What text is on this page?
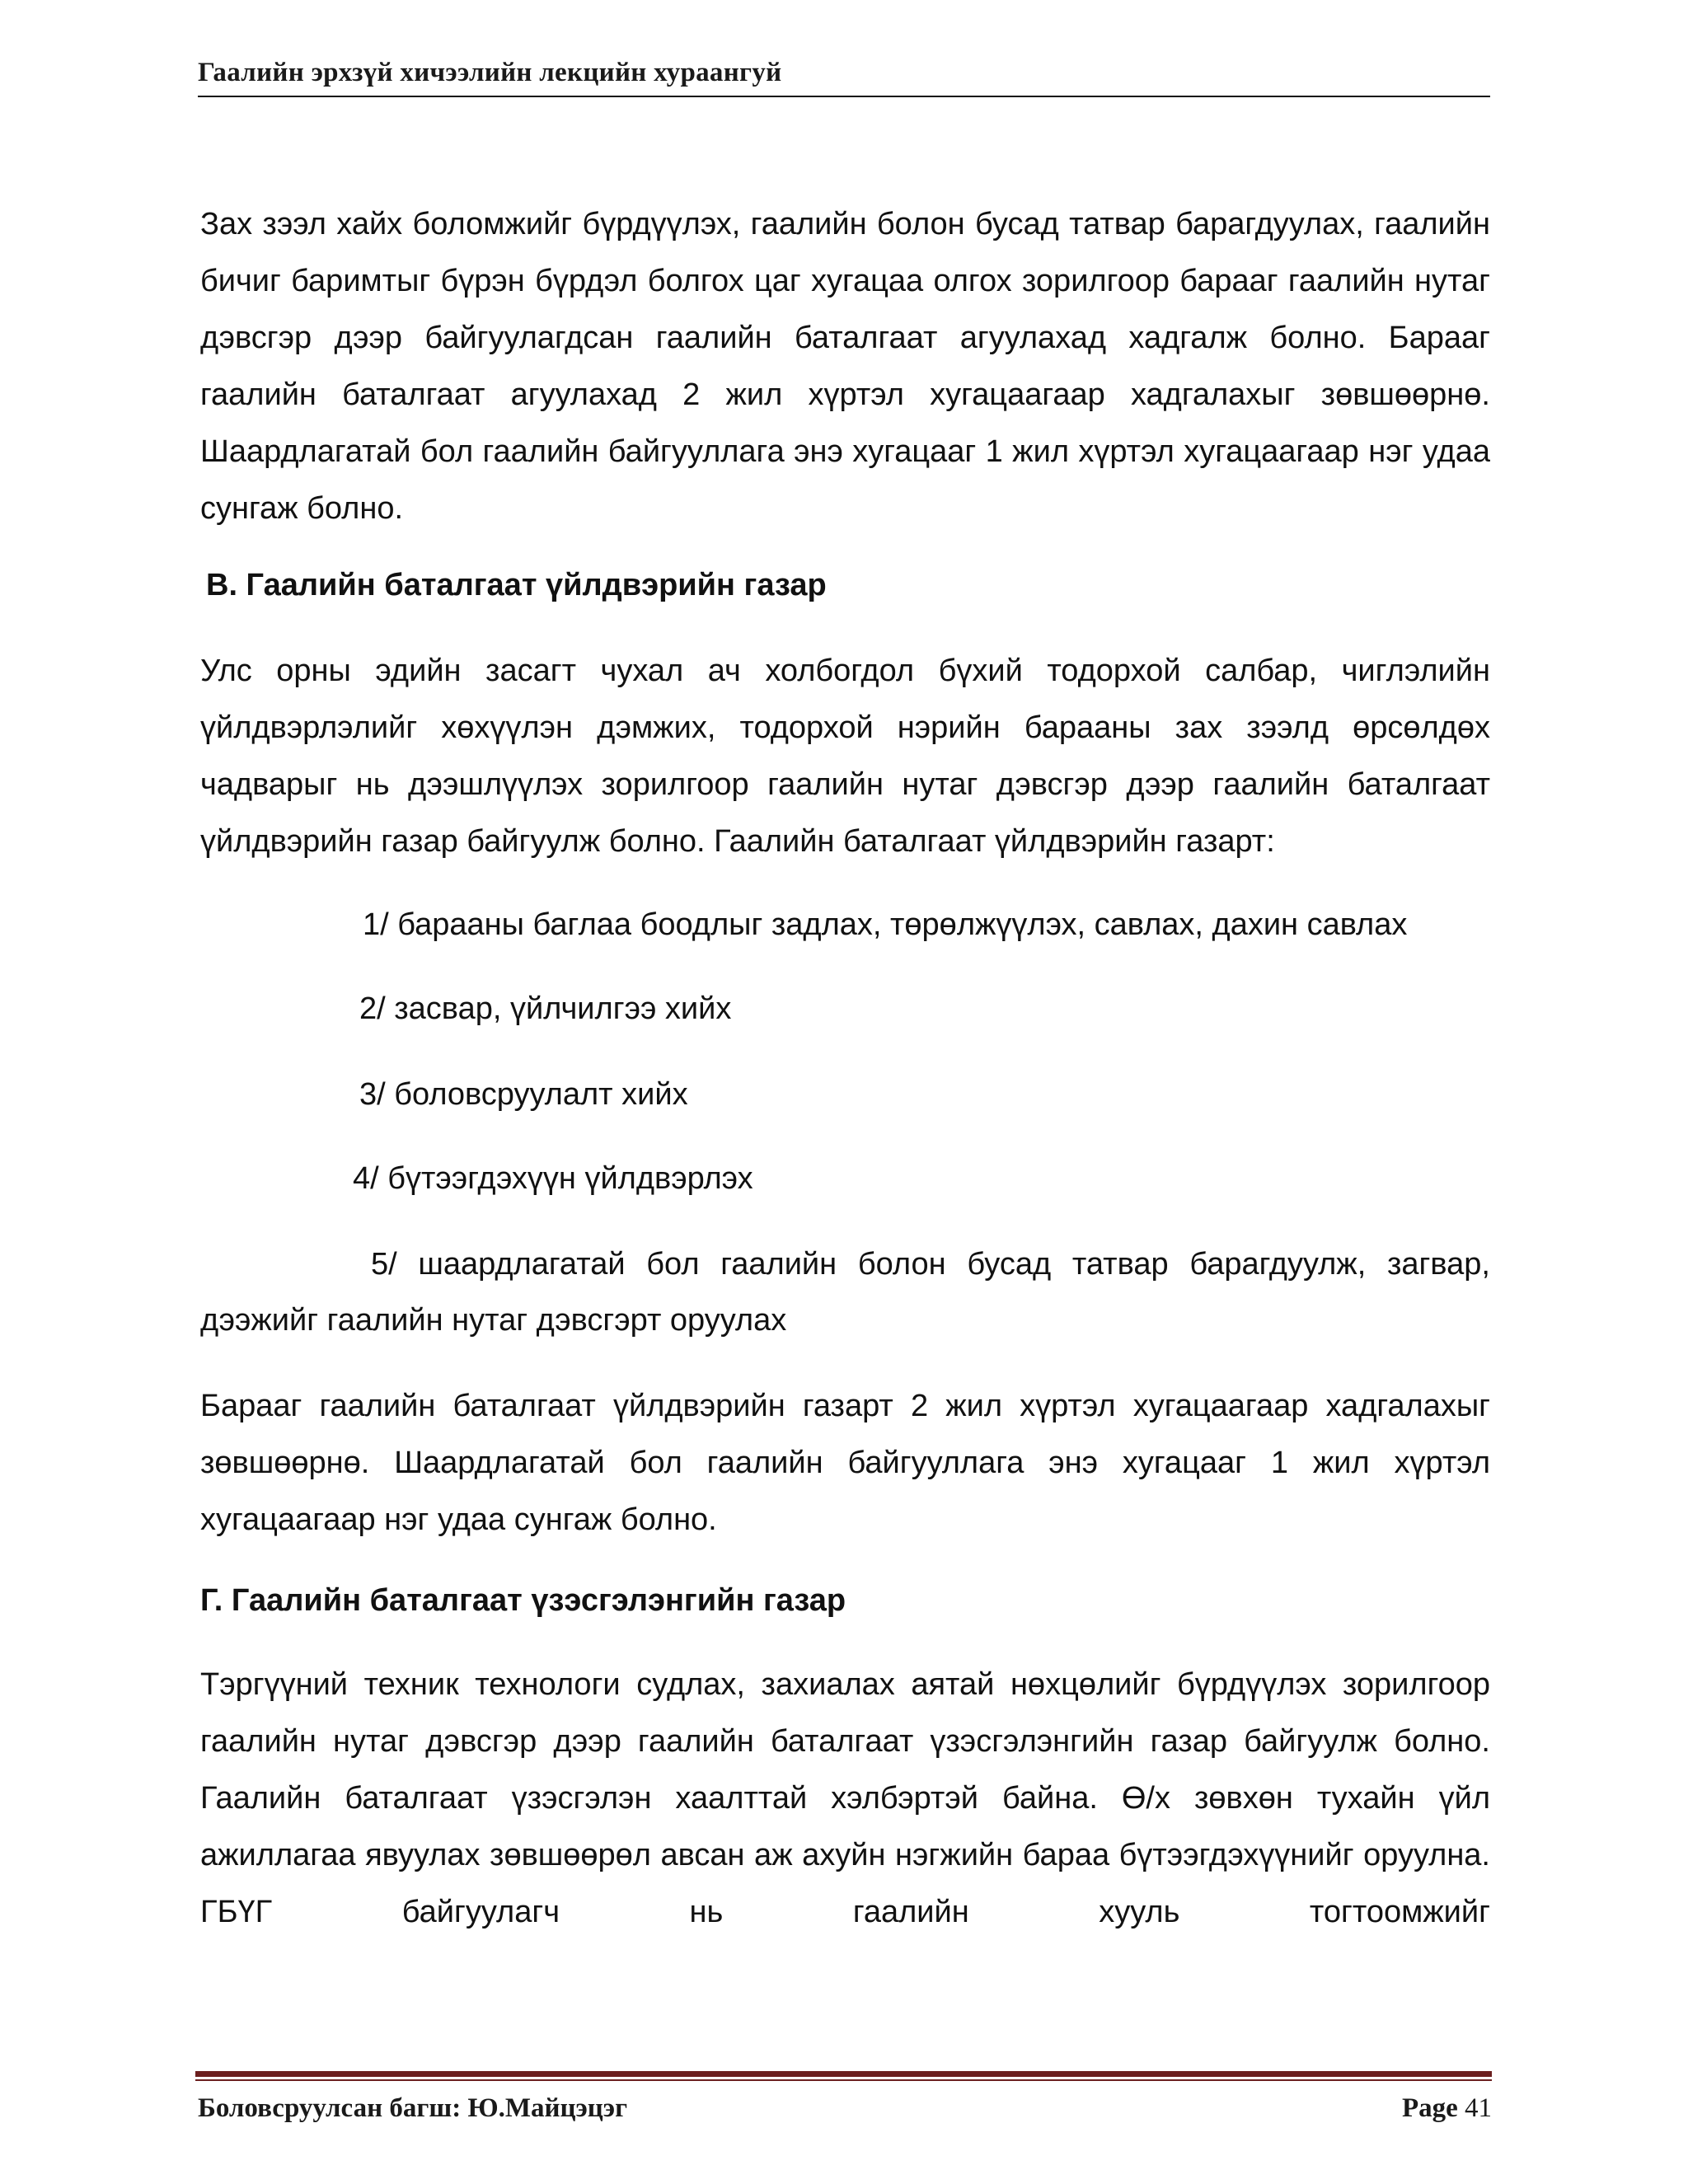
Гаалийн эрхзүй хичээлийн лекцийн хураангуй

Зах зээл хайх боломжийг бүрдүүлэх, гаалийн болон бусад татвар барагдуулах, гаалийн бичиг баримтыг бүрэн бүрдэл болгох цаг хугацаа олгох зорилгоор барааг гаалийн нутаг дэвсгэр дээр байгуулагдсан гаалийн баталгаат агуулахад хадгалж болно. Барааг гаалийн баталгаат агуулахад 2 жил хүртэл хугацаагаар хадгалахыг зөвшөөрнө. Шаардлагатай бол гаалийн байгууллага энэ хугацааг 1 жил хүртэл хугацаагаар нэг удаа сунгаж болно.

В. Гаалийн баталгаат үйлдвэрийн газар

Улс орны эдийн засагт чухал ач холбогдол бүхий тодорхой салбар, чиглэлийн үйлдвэрлэлийг хөхүүлэн дэмжих, тодорхой нэрийн барааны зах зээлд өрсөлдөх чадварыг нь дээшлүүлэх зорилгоор гаалийн нутаг дэвсгэр дээр гаалийн баталгаат үйлдвэрийн газар байгуулж болно. Гаалийн баталгаат үйлдвэрийн газарт:

1/ барааны баглаа боодлыг задлах, төрөлжүүлэх, савлах, дахин савлах

2/ засвар, үйлчилгээ хийх

3/ боловсруулалт хийх

4/ бүтээгдэхүүн үйлдвэрлэх

5/ шаардлагатай бол гаалийн болон бусад татвар барагдуулж, загвар,

дээжийг гаалийн нутаг дэвсгэрт оруулах

Барааг гаалийн баталгаат үйлдвэрийн газарт 2 жил хүртэл хугацаагаар хадгалахыг зөвшөөрнө. Шаардлагатай бол гаалийн байгууллага энэ хугацааг 1 жил хүртэл хугацаагаар нэг удаа сунгаж болно.

Г. Гаалийн баталгаат үзэсгэлэнгийн газар

Тэргүүний техник технологи судлах, захиалах аятай нөхцөлийг бүрдүүлэх зорилгоор гаалийн нутаг дэвсгэр дээр гаалийн баталгаат үзэсгэлэнгийн газар байгуулж болно. Гаалийн баталгаат үзэсгэлэн хаалттай хэлбэртэй байна. Ө/х зөвхөн тухайн үйл ажиллагаа явуулах зөвшөөрөл авсан аж ахуйн нэгжийн бараа бүтээгдэхүүнийг оруулна. ГБҮГ байгуулагч нь гаалийн хууль тогтоомжийг

Боловсруулсан багш: Ю.Майцэцэг	Page 41
